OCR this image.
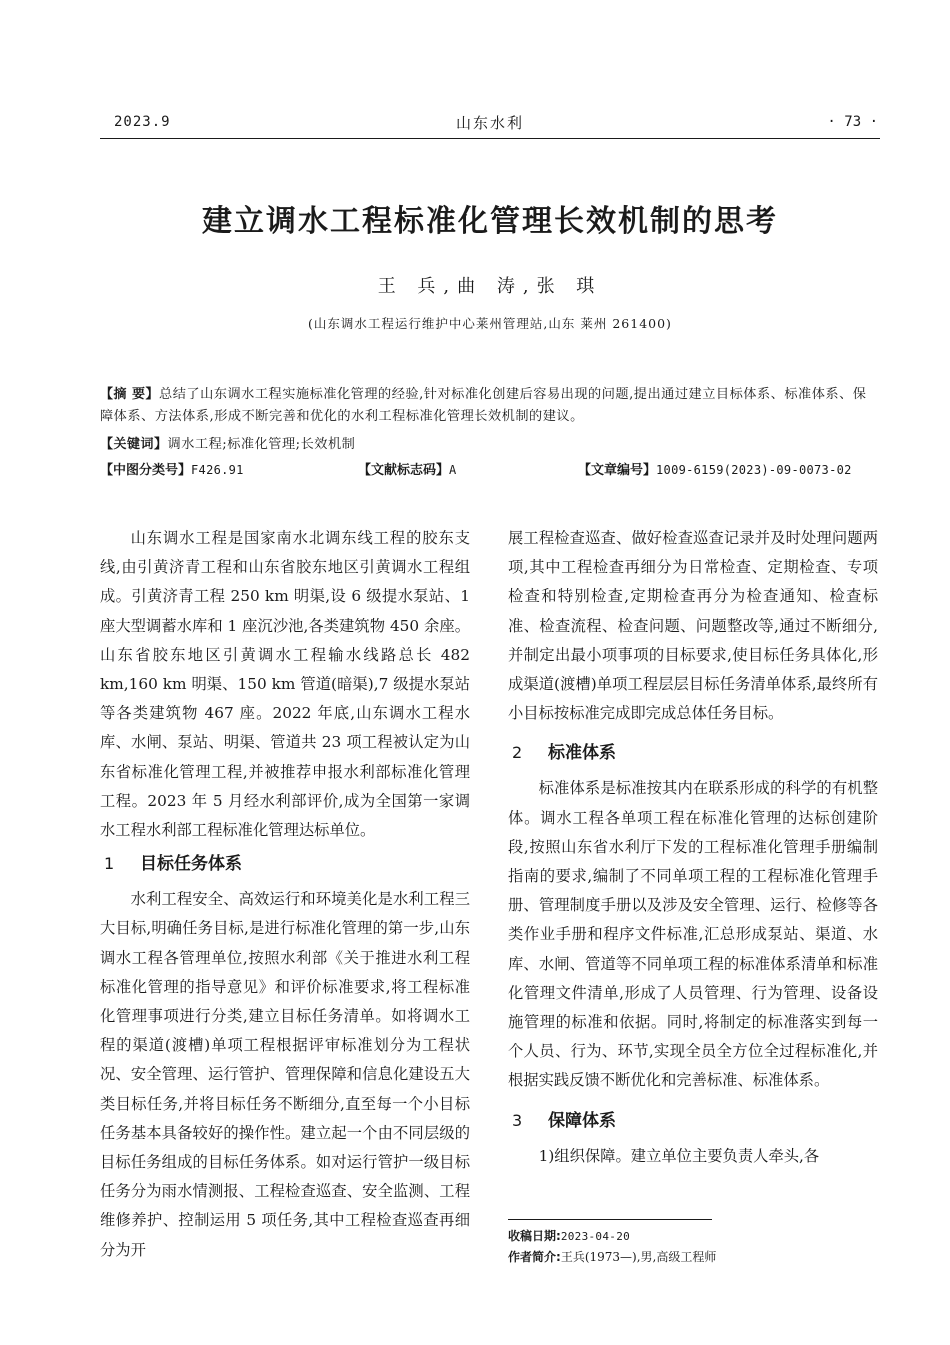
2023.9	山东水利	· 73 ·
建立调水工程标准化管理长效机制的思考
王 兵,曲 涛,张 琪
(山东调水工程运行维护中心莱州管理站,山东 莱州 261400)
【摘 要】总结了山东调水工程实施标准化管理的经验,针对标准化创建后容易出现的问题,提出通过建立目标体系、标准体系、保障体系、方法体系,形成不断完善和优化的水利工程标准化管理长效机制的建议。
【关键词】调水工程;标准化管理;长效机制
【中图分类号】F426.91	【文献标志码】A	【文章编号】1009-6159(2023)-09-0073-02

山东调水工程是国家南水北调东线工程的胶东支线,由引黄济青工程和山东省胶东地区引黄调水工程组成。引黄济青工程 250 km 明渠,设 6 级提水泵站、1 座大型调蓄水库和 1 座沉沙池,各类建筑物 450 余座。山东省胶东地区引黄调水工程输水线路总长 482 km,160 km 明渠、150 km 管道(暗渠),7 级提水泵站等各类建筑物 467 座。2022 年底,山东调水工程水库、水闸、泵站、明渠、管道共 23 项工程被认定为山东省标准化管理工程,并被推荐申报水利部标准化管理工程。2023 年 5 月经水利部评价,成为全国第一家调水工程水利部工程标准化管理达标单位。

1 目标任务体系

水利工程安全、高效运行和环境美化是水利工程三大目标,明确任务目标,是进行标准化管理的第一步,山东调水工程各管理单位,按照水利部《关于推进水利工程标准化管理的指导意见》和评价标准要求,将工程标准化管理事项进行分类,建立目标任务清单。如将调水工程的渠道(渡槽)单项工程根据评审标准划分为工程状况、安全管理、运行管护、管理保障和信息化建设五大类目标任务,并将目标任务不断细分,直至每一个小目标任务基本具备较好的操作性。建立起一个由不同层级的目标任务组成的目标任务体系。如对运行管护一级目标任务分为雨水情测报、工程检查巡查、安全监测、工程维修养护、控制运用 5 项任务,其中工程检查巡查再细分为开

展工程检查巡查、做好检查巡查记录并及时处理问题两项,其中工程检查再细分为日常检查、定期检查、专项检查和特别检查,定期检查再分为检查通知、检查标准、检查流程、检查问题、问题整改等,通过不断细分,并制定出最小项事项的目标要求,使目标任务具体化,形成渠道(渡槽)单项工程层层目标任务清单体系,最终所有小目标按标准完成即完成总体任务目标。

2 标准体系

标准体系是标准按其内在联系形成的科学的有机整体。调水工程各单项工程在标准化管理的达标创建阶段,按照山东省水利厅下发的工程标准化管理手册编制指南的要求,编制了不同单项工程的工程标准化管理手册、管理制度手册以及涉及安全管理、运行、检修等各类作业手册和程序文件标准,汇总形成泵站、渠道、水库、水闸、管道等不同单项工程的标准体系清单和标准化管理文件清单,形成了人员管理、行为管理、设备设施管理的标准和依据。同时,将制定的标准落实到每一个人员、行为、环节,实现全员全方位全过程标准化,并根据实践反馈不断优化和完善标准、标准体系。

3 保障体系

1)组织保障。建立单位主要负责人牵头,各

收稿日期:2023-04-20
作者简介:王兵(1973—),男,高级工程师
